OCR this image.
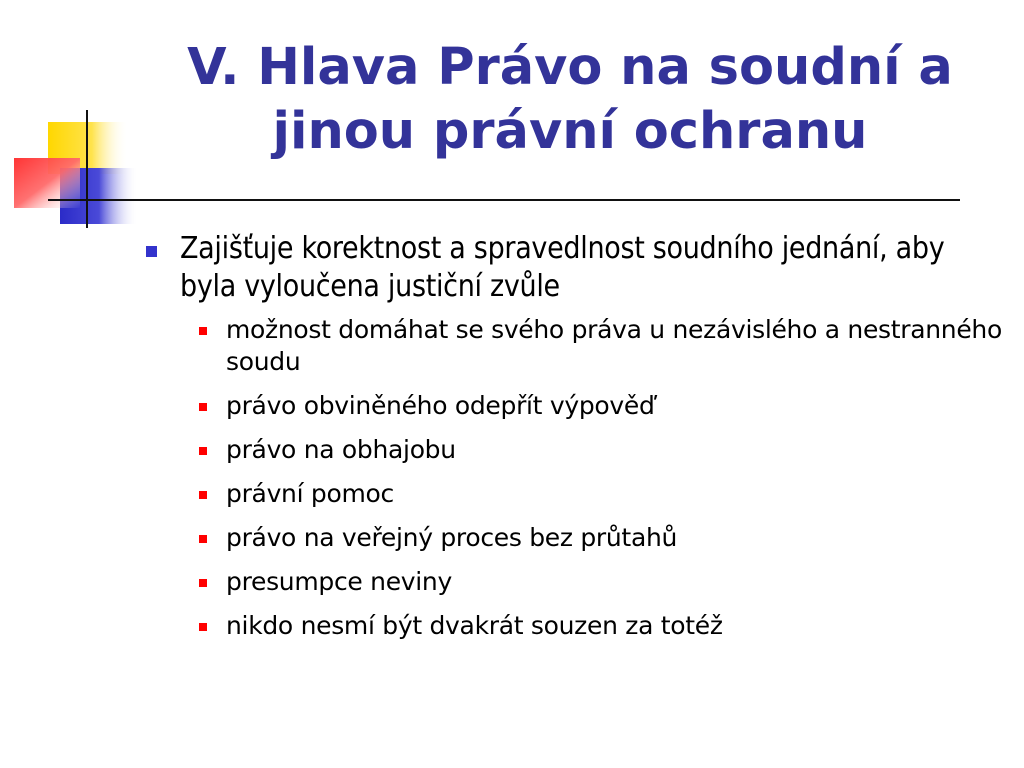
V. Hlava Právo na soudní a
jinou právní ochranu
Zajišťuje korektnost a spravedlnost soudního jednání, aby byla vyloučena justiční zvůle
možnost domáhat se svého práva u nezávislého a nestranného soudu
právo obviněného odepřít výpověď
právo na obhajobu
právní pomoc
právo na veřejný proces bez průtahů
presumpce neviny
nikdo nesmí být dvakrát souzen za totéž
